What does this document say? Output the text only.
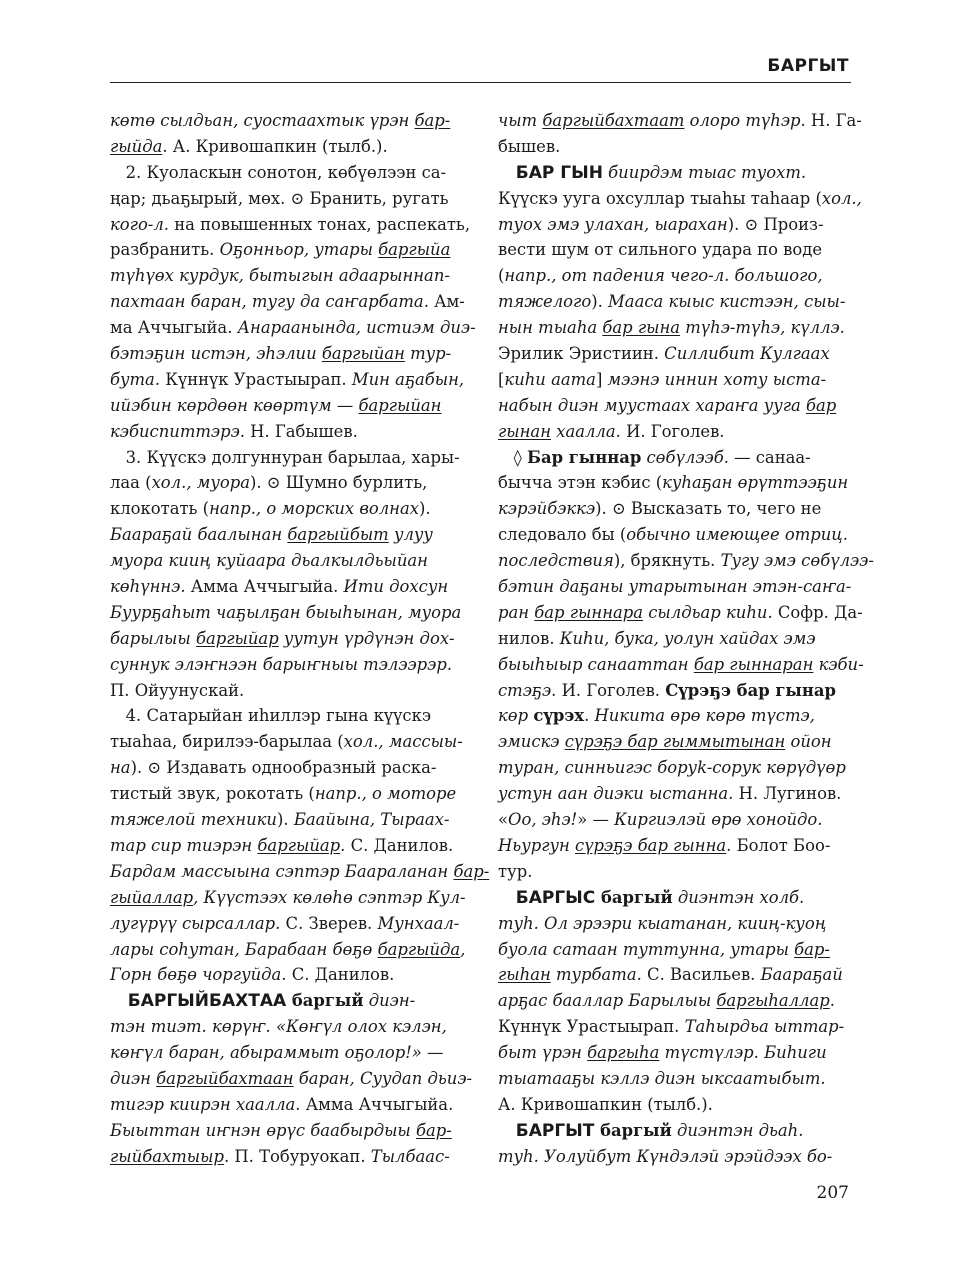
БАРГЫТ
көтө сылдьан, суостаахтык үрэн бар-
гыйда. А. Кривошапкин (тылб.).
2. Куоласкын сонотон, көбүөлээн са-
ңар; дьаҕырый, мөх. ⊙ Бранить, ругать
кого-л. на повышенных тонах, распекать,
разбранить. Оҕонньор, утары баргыйа
түһүөх курдук, бытыгын адаарыннап-
пахтаан баран, тугу да саҥарбата. Ам-
ма Аччыгыйа. Анараанында, истиэм диэ-
бэтэҕин истэн, эһэлии баргыйан тур-
бута. Күннүк Урастыырап. Мин аҕабын,
ийэбин көрдөөн көөртүм — баргыйан
кэбиспиттэрэ. Н. Габышев.
3. Күүскэ долгуннуран барылаа, хары-
лаа (хол., муора). ⊙ Шумно бурлить,
клокотать (напр., о морских волнах).
Баараҕай баалынан баргыйбыт улуу
муора кииң куйаара дьалкылдьыйан
көһүннэ. Амма Аччыгыйа. Ити дохсун
Буурҕаһыт чаҕылҕан быыһынан, муора
барылыы баргыйар уутун үрдүнэн дох-
суннук элэҥнээн барыҥныы тэлээрэр.
П. Ойуунускай.
4. Сатарыйан иһиллэр гына күүскэ
тыаһаа, бирилээ-барылаа (хол., массыы-
на). ⊙ Издавать однообразный раска-
тистый звук, рокотать (напр., о моторе
тяжелой техники). Баайына, Тыраах-
тар сир тиэрэн баргыйар. С. Данилов.
Бардам массыына сэптэр Баараланан бар-
гыйаллар, Күүстээх көлөһө сэптэр Кул-
лугүрүү сырсаллар. С. Зверев. Мунхаал-
лары соһутан, Барабаан бөҕө баргыйда,
Горн бөҕө чоргуйда. С. Данилов.
БАРГЫЙБАХТАА баргый диэн-
тэн тиэт. көрүҥ. «Көҥүл олох кэлэн,
көҥүл баран, абыраммыт оҕолор!» —
диэн баргыйбахтаан баран, Суудап дьиэ-
тигэр киирэн хаалла. Амма Аччыгыйа.
Быыттан иҥнэн өрүс баабырдыы бар-
гыйбахтыыр. П. Тобуруокап. Тылбаас-
чыт баргыйбахтаат олоро түһэр. Н. Га-
бышев.
БАР ГЫН биирдэм тыас туохт.
Күүскэ ууга охсуллар тыаһы таһаар (хол.,
туох эмэ улахан, ыарахан). ⊙ Произ-
вести шум от сильного удара по воде
(напр., от падения чего-л. большого,
тяжелого). Мааса кыыс кистээн, сыы-
нын тыаһа бар гына түһэ-түһэ, күллэ.
Эрилик Эристиин. Силлибит Кулгаах
[киһи аата] мээнэ иннин хоту ыста-
набын диэн муустаах хараҥа ууга бар
гынан хаалла. И. Гоголев.
◊ Бар гыннар сөбүлээб. — санаа-
быччa этэн кэбис (куһаҕан өрүттээҕин
кэрэйбэккэ). ⊙ Высказать то, чего не
следовало бы (обычно имеющее отриц.
последствия), брякнуть. Тугу эмэ сөбүлээ-
бэтин даҕаны утарытынан этэн-саҥа-
ран бар гыннара сылдьар киһи. Софр. Да-
нилов. Киһи, бука, уолун хайдах эмэ
быыһыыр санааттан бар гыннаран кэби-
стэҕэ. И. Гоголев. Сүрэҕэ бар гынар
көр сүрэх. Никита өрө көрө түстэ,
эмискэ сүрэҕэ бар гыммытынан ойон
туран, синньигэс боруk-сорук көрүдүөр
устун аан диэки ыстанна. Н. Лугинов.
«Оо, эһэ!» — Киргиэлэй өрө хонойдо.
Ньургун сүрэҕэ бар гынна. Болот Боо-
тур.
БАРГЫС баргый диэнтэн холб.
туһ. Ол эрээри кыатанан, кииң-куоң
буола сатаан туттунна, утары бар-
гыһан турбата. С. Васильев. Баараҕай
арҕас бааллар Барылыы баргыһаллар.
Күннүк Урастыырап. Таһырдьа ыттар-
быт үрэн баргыһа түстүлэр. Биһиги
тыатааҕы кэллэ диэн ыксаатыбыт.
А. Кривошапкин (тылб.).
БАРГЫТ баргый диэнтэн дьаһ.
туһ. Уолуйбут Күндэлэй эрэйдээх бо-
207
